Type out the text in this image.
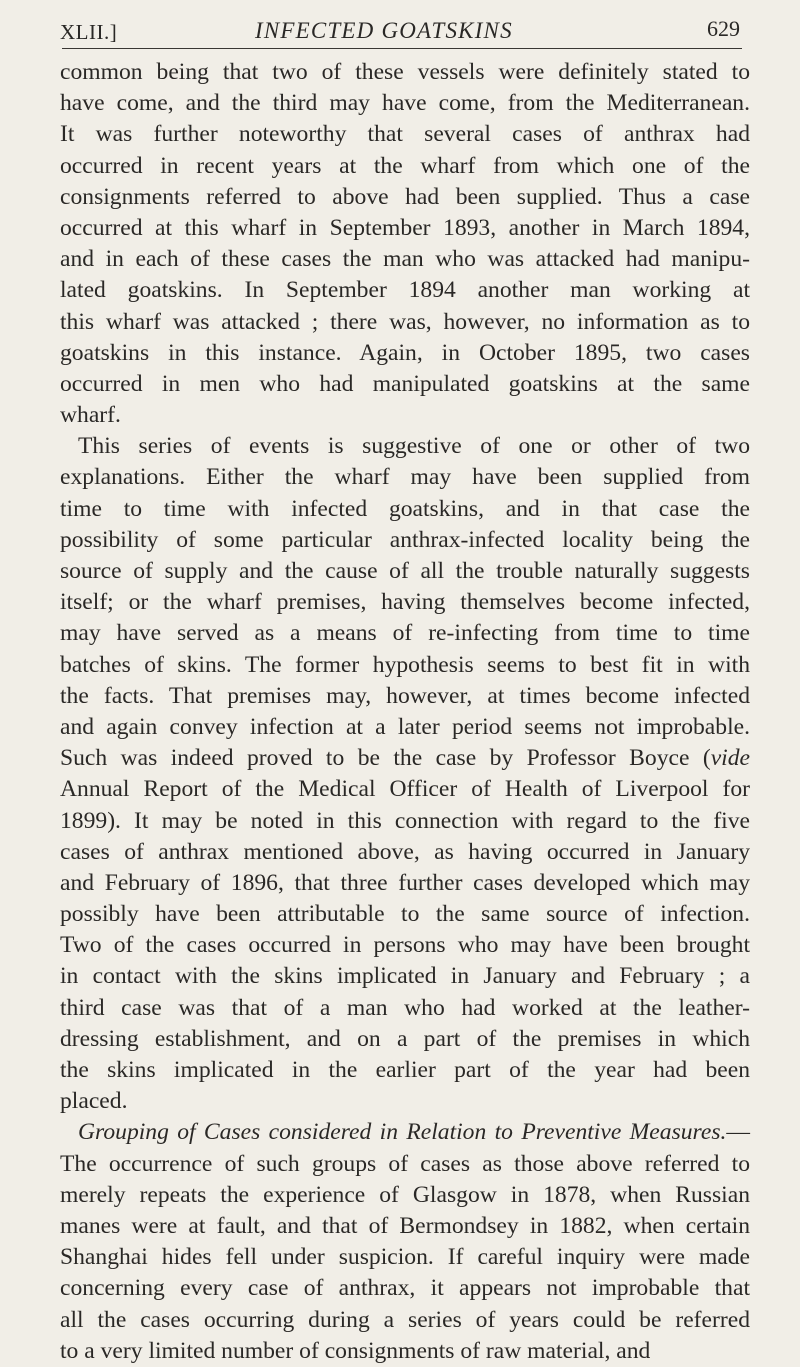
XLII.]	INFECTED GOATSKINS	629
common being that two of these vessels were definitely stated to
have come, and the third may have come, from the Mediterranean.
It was further noteworthy that several cases of anthrax had
occurred in recent years at the wharf from which one of the
consignments referred to above had been supplied. Thus a case
occurred at this wharf in September 1893, another in March 1894,
and in each of these cases the man who was attacked had manipu-
lated goatskins. In September 1894 another man working at
this wharf was attacked ; there was, however, no information as to
goatskins in this instance. Again, in October 1895, two cases
occurred in men who had manipulated goatskins at the same
wharf.
This series of events is suggestive of one or other of two
explanations. Either the wharf may have been supplied from
time to time with infected goatskins, and in that case the
possibility of some particular anthrax-infected locality being the
source of supply and the cause of all the trouble naturally suggests
itself; or the wharf premises, having themselves become infected,
may have served as a means of re-infecting from time to time
batches of skins. The former hypothesis seems to best fit in with
the facts. That premises may, however, at times become infected
and again convey infection at a later period seems not improbable.
Such was indeed proved to be the case by Professor Boyce (vide
Annual Report of the Medical Officer of Health of Liverpool for
1899). It may be noted in this connection with regard to the five
cases of anthrax mentioned above, as having occurred in January
and February of 1896, that three further cases developed which may
possibly have been attributable to the same source of infection.
Two of the cases occurred in persons who may have been brought
in contact with the skins implicated in January and February ; a
third case was that of a man who had worked at the leather-
dressing establishment, and on a part of the premises in which
the skins implicated in the earlier part of the year had been
placed.
Grouping of Cases considered in Relation to Preventive Measures.—
The occurrence of such groups of cases as those above referred to
merely repeats the experience of Glasgow in 1878, when Russian
manes were at fault, and that of Bermondsey in 1882, when certain
Shanghai hides fell under suspicion. If careful inquiry were made
concerning every case of anthrax, it appears not improbable that
all the cases occurring during a series of years could be referred
to a very limited number of consignments of raw material, and
